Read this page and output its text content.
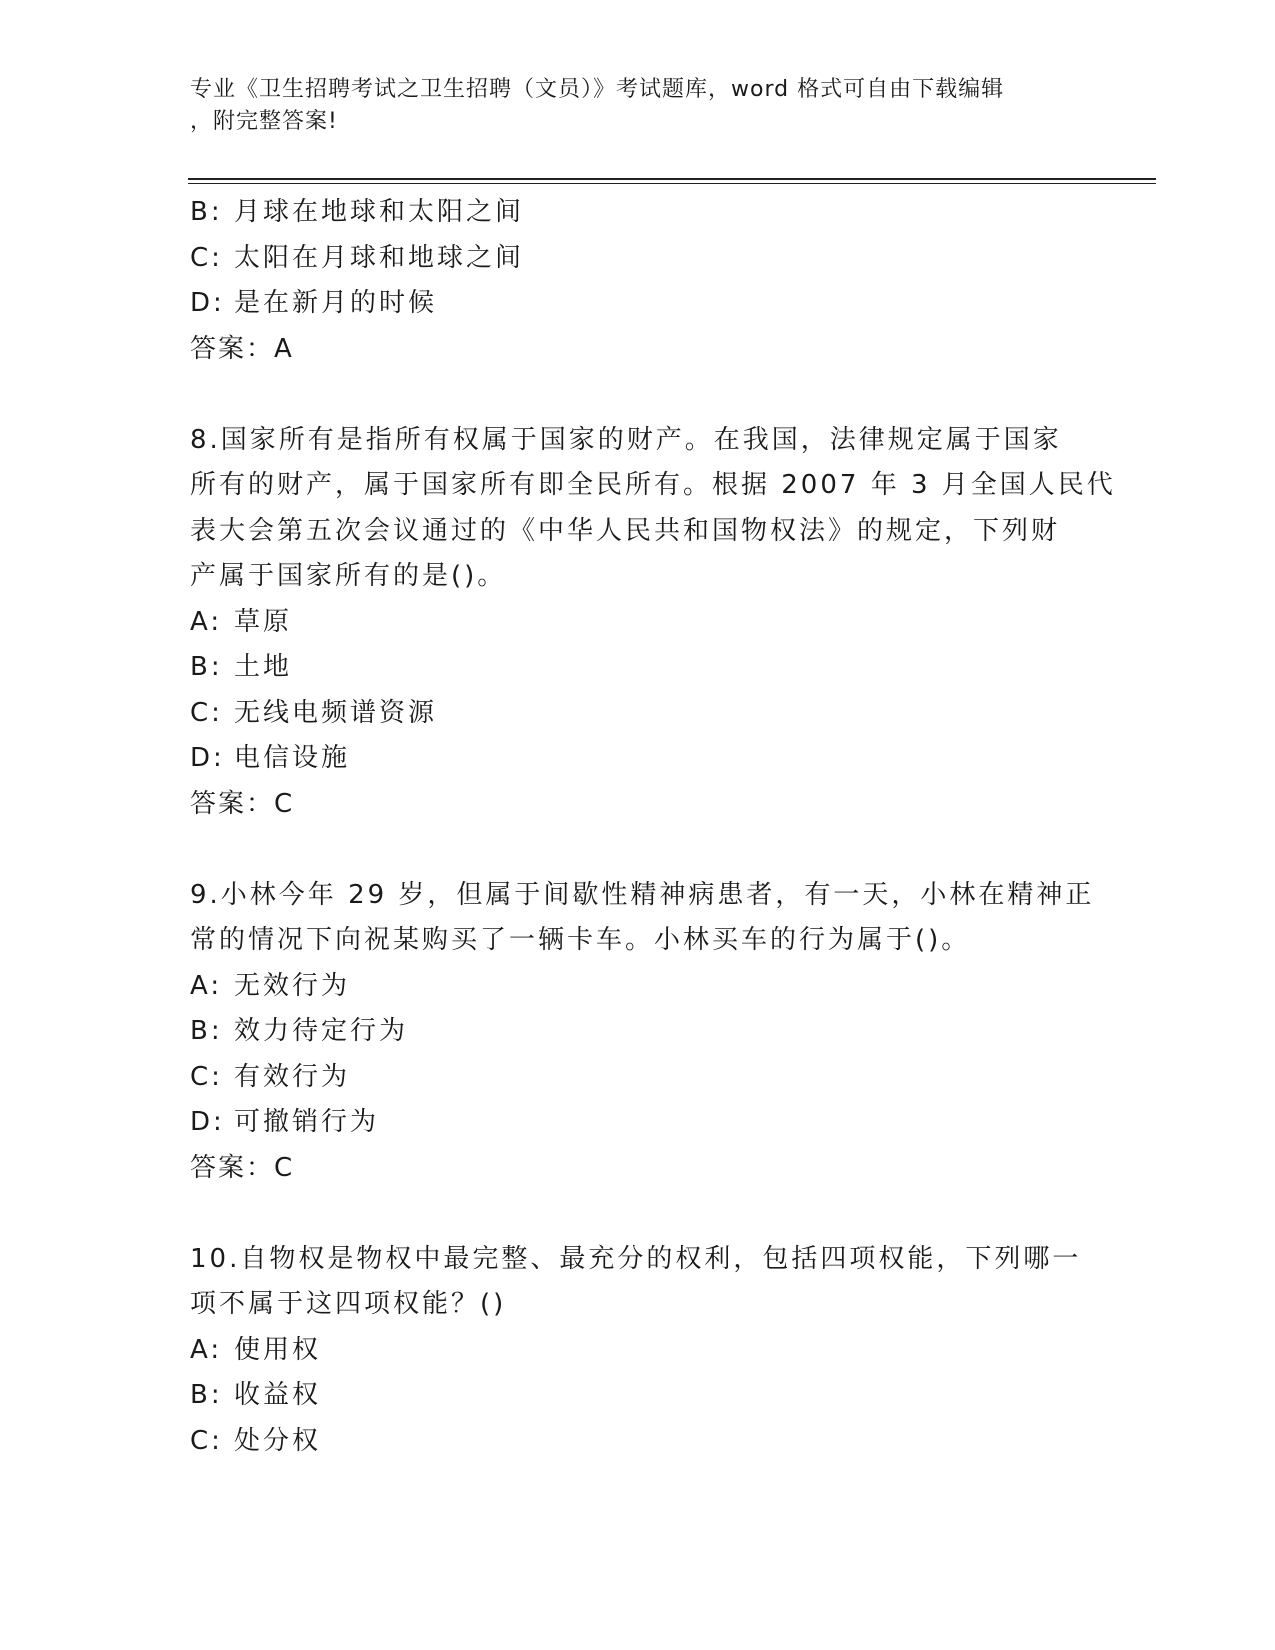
专业《卫生招聘考试之卫生招聘（文员）》考试题库，word 格式可自由下载编辑
，附完整答案!
B: 月球在地球和太阳之间
C: 太阳在月球和地球之间
D: 是在新月的时候
答案：A
8.国家所有是指所有权属于国家的财产。在我国，法律规定属于国家
所有的财产，属于国家所有即全民所有。根据 2007 年 3 月全国人民代
表大会第五次会议通过的《中华人民共和国物权法》的规定，下列财
产属于国家所有的是()。
A: 草原
B: 土地
C: 无线电频谱资源
D: 电信设施
答案：C
9.小林今年 29 岁，但属于间歇性精神病患者，有一天，小林在精神正
常的情况下向祝某购买了一辆卡车。小林买车的行为属于()。
A: 无效行为
B: 效力待定行为
C: 有效行为
D: 可撤销行为
答案：C
10.自物权是物权中最完整、最充分的权利，包括四项权能，下列哪一
项不属于这四项权能？()
A: 使用权
B: 收益权
C: 处分权
